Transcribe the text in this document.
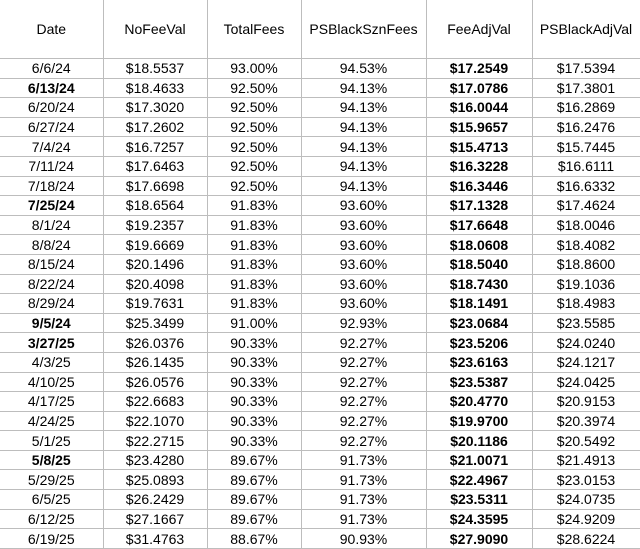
Date	NoFeeVal	TotalFees	PSBlackSznFees	FeeAdjVal	PSBlackAdjVal
6/6/24	$18.5537	93.00%	94.53%	$17.2549	$17.5394
6/13/24	$18.4633	92.50%	94.13%	$17.0786	$17.3801
6/20/24	$17.3020	92.50%	94.13%	$16.0044	$16.2869
6/27/24	$17.2602	92.50%	94.13%	$15.9657	$16.2476
7/4/24	$16.7257	92.50%	94.13%	$15.4713	$15.7445
7/11/24	$17.6463	92.50%	94.13%	$16.3228	$16.6111
7/18/24	$17.6698	92.50%	94.13%	$16.3446	$16.6332
7/25/24	$18.6564	91.83%	93.60%	$17.1328	$17.4624
8/1/24	$19.2357	91.83%	93.60%	$17.6648	$18.0046
8/8/24	$19.6669	91.83%	93.60%	$18.0608	$18.4082
8/15/24	$20.1496	91.83%	93.60%	$18.5040	$18.8600
8/22/24	$20.4098	91.83%	93.60%	$18.7430	$19.1036
8/29/24	$19.7631	91.83%	93.60%	$18.1491	$18.4983
9/5/24	$25.3499	91.00%	92.93%	$23.0684	$23.5585
3/27/25	$26.0376	90.33%	92.27%	$23.5206	$24.0240
4/3/25	$26.1435	90.33%	92.27%	$23.6163	$24.1217
4/10/25	$26.0576	90.33%	92.27%	$23.5387	$24.0425
4/17/25	$22.6683	90.33%	92.27%	$20.4770	$20.9153
4/24/25	$22.1070	90.33%	92.27%	$19.9700	$20.3974
5/1/25	$22.2715	90.33%	92.27%	$20.1186	$20.5492
5/8/25	$23.4280	89.67%	91.73%	$21.0071	$21.4913
5/29/25	$25.0893	89.67%	91.73%	$22.4967	$23.0153
6/5/25	$26.2429	89.67%	91.73%	$23.5311	$24.0735
6/12/25	$27.1667	89.67%	91.73%	$24.3595	$24.9209
6/19/25	$31.4763	88.67%	90.93%	$27.9090	$28.6224
